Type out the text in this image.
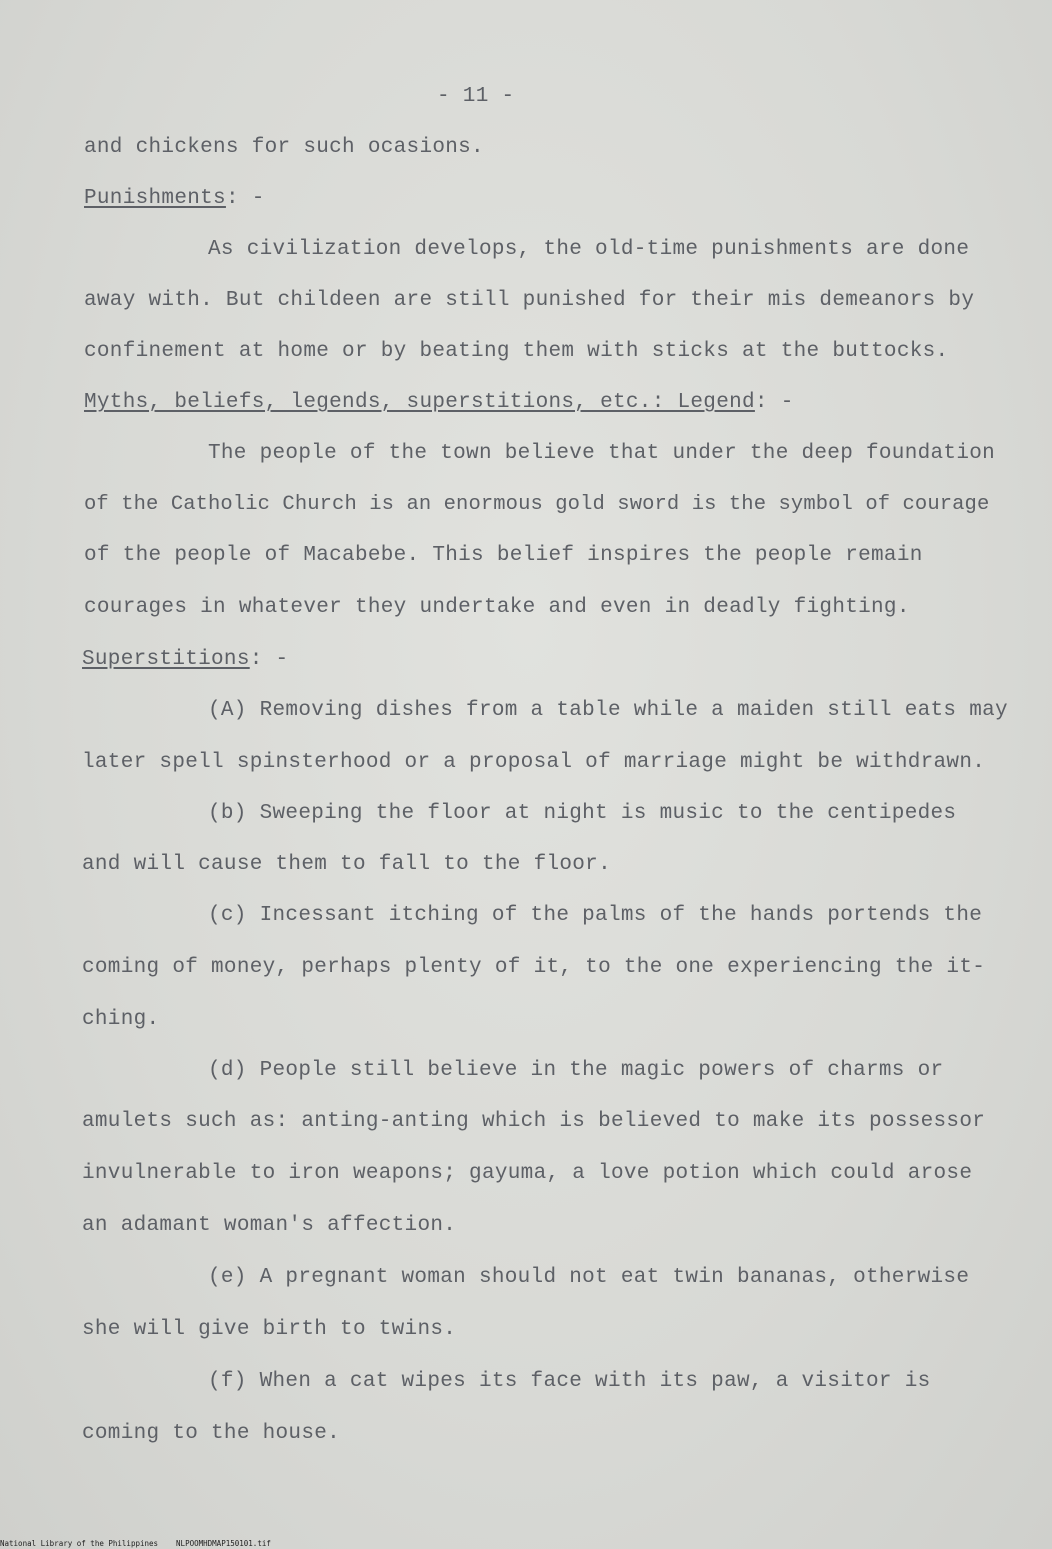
- 11 -
and chickens for such ocasions.
Punishments: -
As civilization develops, the old-time punishments are done
away with. But childeen are still punished for their mis demeanors by
confinement at home or by beating them with sticks at the buttocks.
Myths, beliefs, legends, superstitions, etc.: Legend: -
The people of the town believe that under the deep foundation
of the Catholic Church is an enormous gold sword is the symbol of courage
of the people of Macabebe. This belief inspires the people remain
courages in whatever they undertake and even in deadly fighting.
Superstitions: -
(A) Removing dishes from a table while a maiden still eats may
later spell spinsterhood or a proposal of marriage might be withdrawn.
(b) Sweeping the floor at night is music to the centipedes
and will cause them to fall to the floor.
(c) Incessant itching of the palms of the hands portends the
coming of money, perhaps plenty of it, to the one experiencing the it-
ching.
(d) People still believe in the magic powers of charms or
amulets such as: anting-anting which is believed to make its possessor
invulnerable to iron weapons; gayuma, a love potion which could arose
an adamant woman's affection.
(e) A pregnant woman should not eat twin bananas, otherwise
she will give birth to twins.
(f) When a cat wipes its face with its paw, a visitor is
coming to the house.
National Library of the Philippines NLPOOMHDMAP150101.tif
